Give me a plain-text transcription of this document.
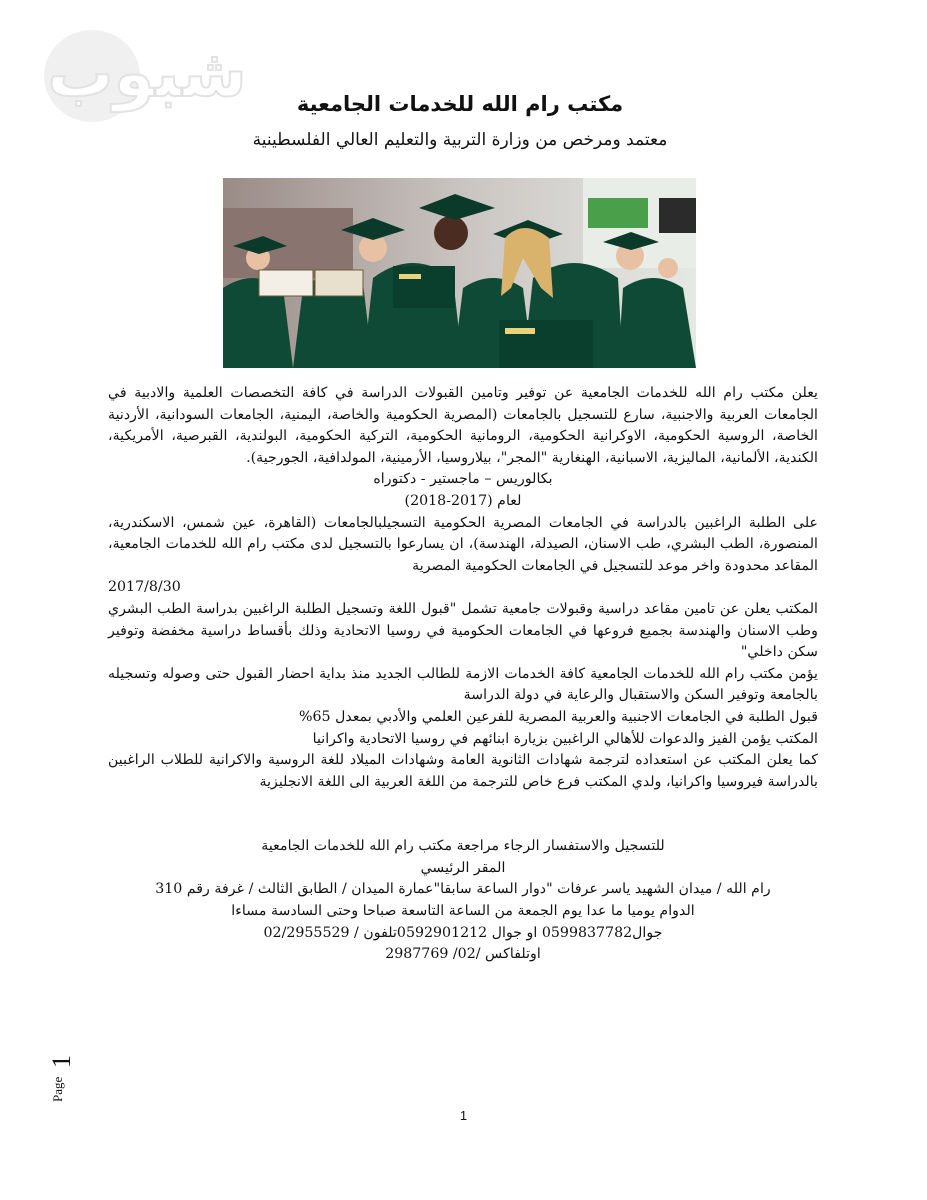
شبوب	مكتب رام الله للخدمات الجامعية
معتمد ومرخص من وزارة التربية والتعليم العالي الفلسطينية

يعلن مكتب رام الله للخدمات الجامعية عن توفير وتامين القبولات الدراسة في كافة التخصصات العلمية والادبية في الجامعات العربية والاجنبية، سارع للتسجيل بالجامعات (المصرية الحكومية والخاصة، اليمنية، الجامعات السودانية، الأردنية الخاصة، الروسية الحكومية، الاوكرانية الحكومية، الرومانية الحكومية، التركية الحكومية، البولندية، القبرصية، الأمريكية، الكندية، الألمانية، الماليزية، الاسبانية، الهنغارية "المجر"، بيلاروسيا، الأرمينية، المولدافية، الجورجية).

بكالوريس – ماجستير - دكتوراه

لعام (2017-2018)

على الطلبة الراغبين بالدراسة في الجامعات المصرية الحكومية التسجيلبالجامعات (القاهرة، عين شمس، الاسكندرية، المنصورة، الطب البشري، طب الاسنان، الصيدلة، الهندسة)، ان يسارعوا بالتسجيل لدى مكتب رام الله للخدمات الجامعية، المقاعد محدودة واخر موعد للتسجيل في الجامعات الحكومية المصرية

2017/8/30

المكتب يعلن عن تامين مقاعد دراسية وقبولات جامعية تشمل "قبول اللغة وتسجيل الطلبة الراغبين بدراسة الطب البشري وطب الاسنان والهندسة بجميع فروعها في الجامعات الحكومية في روسيا الاتحادية وذلك بأقساط دراسية مخفضة وتوفير سكن داخلي"

يؤمن مكتب رام الله للخدمات الجامعية كافة الخدمات الازمة للطالب الجديد منذ بداية احضار القبول حتى وصوله وتسجيله بالجامعة وتوفير السكن والاستقبال والرعاية في دولة الدراسة

قبول الطلبة في الجامعات الاجنبية والعربية المصرية للفرعين العلمي والأدبي بمعدل 65%

المكتب يؤمن الفيز والدعوات للأهالي الراغبين بزيارة ابنائهم في روسيا الاتحادية واكرانيا

كما يعلن المكتب عن استعداده لترجمة شهادات الثانوية العامة وشهادات الميلاد للغة الروسية والاكرانية للطلاب الراغبين بالدراسة فيروسيا واكرانيا، ولدي المكتب فرع خاص للترجمة من اللغة العربية الى اللغة الانجليزية

للتسجيل والاستفسار الرجاء مراجعة مكتب رام الله للخدمات الجامعية

المقر الرئيسي

رام الله / ميدان الشهيد ياسر عرفات "دوار الساعة سابقا"عمارة الميدان / الطابق الثالث / غرفة رقم 310

الدوام يوميا ما عدا يوم الجمعة من الساعة التاسعة صباحا وحتى السادسة مساءا

جوال0599837782 او جوال 0592901212تلفون / 02/2955529

اوتلفاكس /02/ 2987769

Page
1
1
